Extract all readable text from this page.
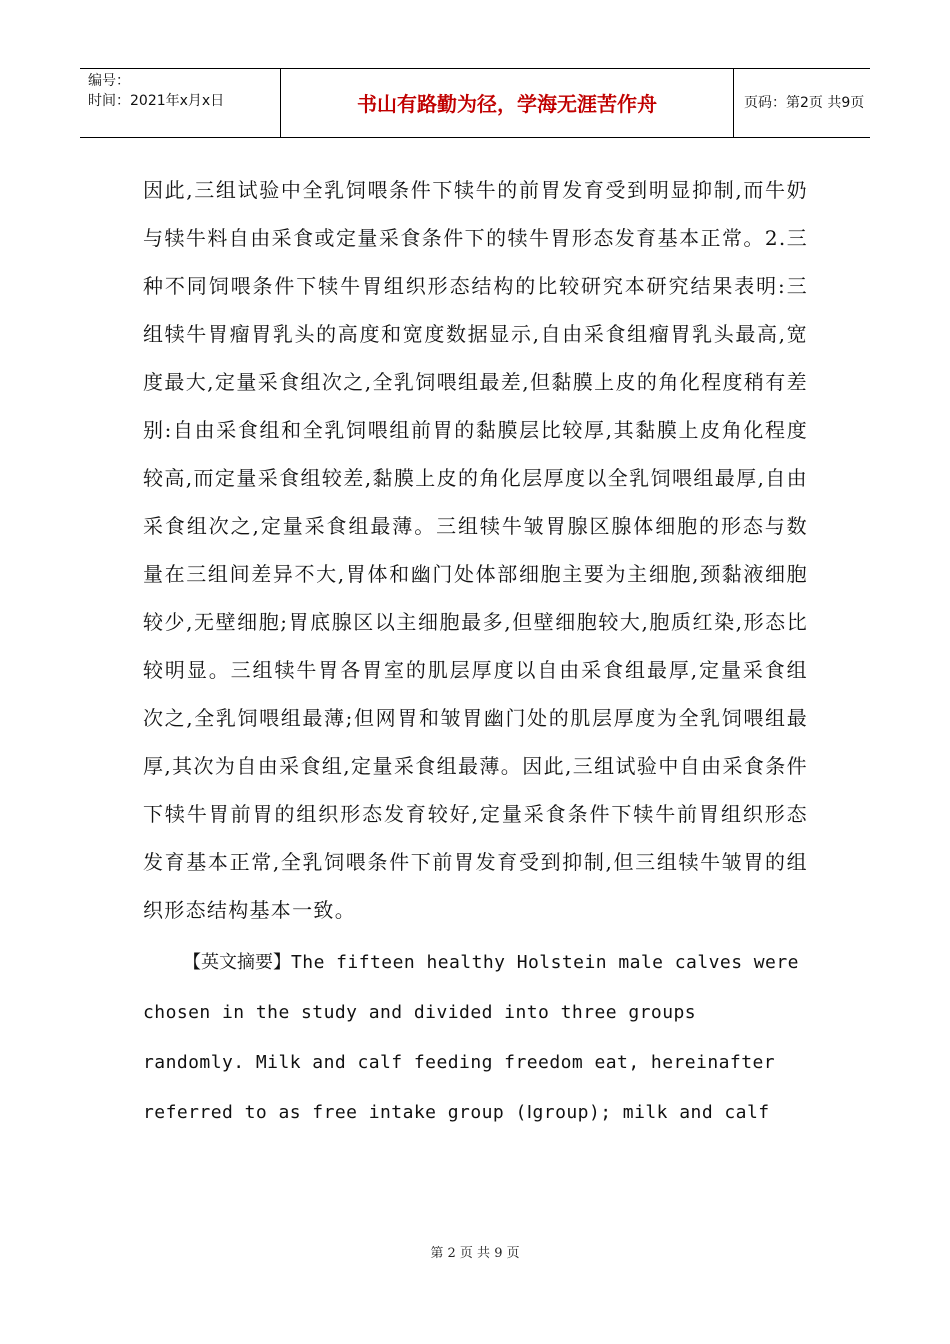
编号：
时间：2021年x月x日	书山有路勤为径，学海无涯苦作舟	页码：第2页 共9页

因此,三组试验中全乳饲喂条件下犊牛的前胃发育受到明显抑制,而牛奶与犊牛料自由采食或定量采食条件下的犊牛胃形态发育基本正常。2.三种不同饲喂条件下犊牛胃组织形态结构的比较研究本研究结果表明:三组犊牛胃瘤胃乳头的高度和宽度数据显示,自由采食组瘤胃乳头最高,宽度最大,定量采食组次之,全乳饲喂组最差,但黏膜上皮的角化程度稍有差别:自由采食组和全乳饲喂组前胃的黏膜层比较厚,其黏膜上皮角化程度较高,而定量采食组较差,黏膜上皮的角化层厚度以全乳饲喂组最厚,自由采食组次之,定量采食组最薄。三组犊牛皱胃腺区腺体细胞的形态与数量在三组间差异不大,胃体和幽门处体部细胞主要为主细胞,颈黏液细胞较少,无壁细胞;胃底腺区以主细胞最多,但壁细胞较大,胞质红染,形态比较明显。三组犊牛胃各胃室的肌层厚度以自由采食组最厚,定量采食组次之,全乳饲喂组最薄;但网胃和皱胃幽门处的肌层厚度为全乳饲喂组最厚,其次为自由采食组,定量采食组最薄。因此,三组试验中自由采食条件下犊牛胃前胃的组织形态发育较好,定量采食条件下犊牛前胃组织形态发育基本正常,全乳饲喂条件下前胃发育受到抑制,但三组犊牛皱胃的组织形态结构基本一致。

【英文摘要】The fifteen healthy Holstein male calves were chosen in the study and divided into three groups randomly. Milk and calf feeding freedom eat, hereinafter referred to as free intake group (Ⅰgroup); milk and calf

第 2 页 共 9 页
